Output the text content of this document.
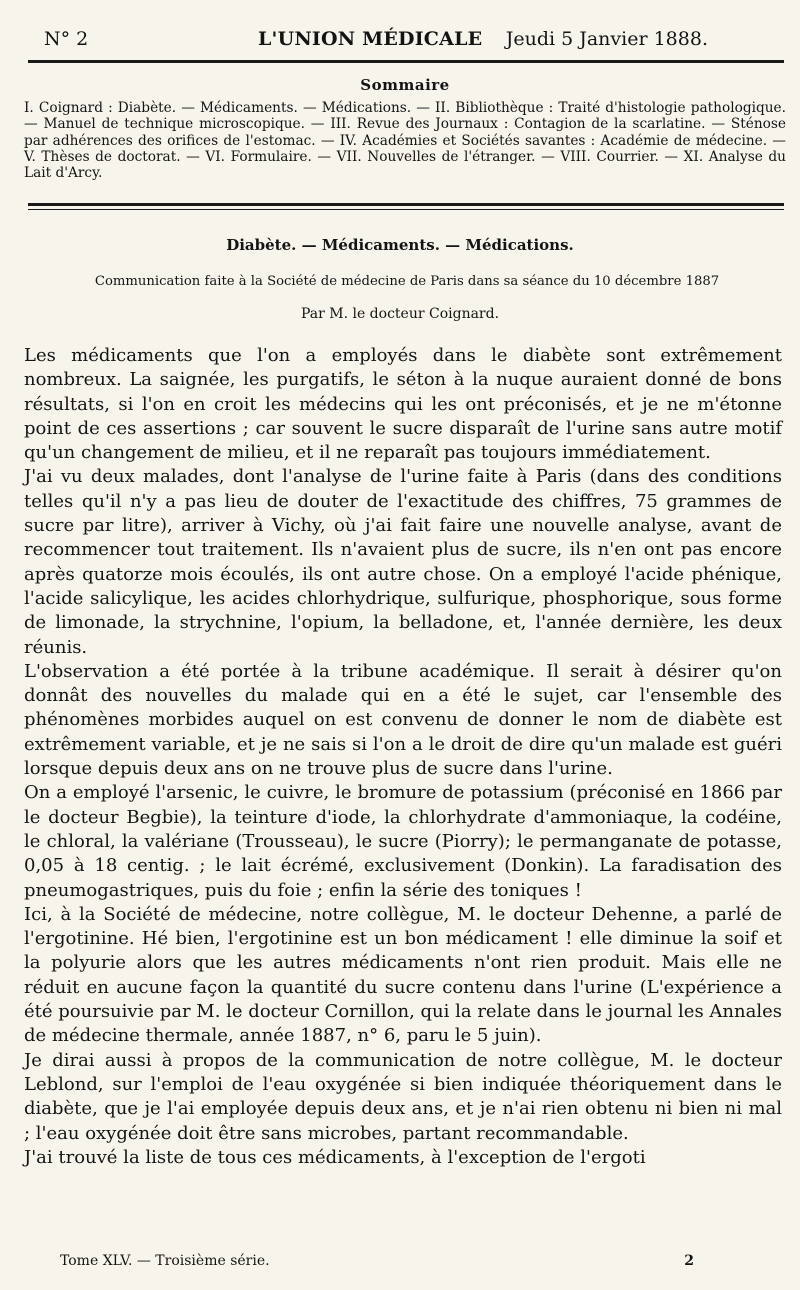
N° 2	L'UNION MÉDICALE Jeudi 5 Janvier 1888.
Sommaire

I. Coignard : Diabète. — Médicaments. — Médications. — II. Bibliothèque : Traité d'histologie pathologique. — Manuel de technique microscopique. — III. Revue des Journaux : Contagion de la scarlatine. — Sténose par adhérences des orifices de l'estomac. — IV. Académies et Sociétés savantes : Académie de médecine. — V. Thèses de doctorat. — VI. Formulaire. — VII. Nouvelles de l'étranger. — VIII. Courrier. — XI. Analyse du Lait d'Arcy.

Diabète. — Médicaments. — Médications.
Communication faite à la Société de médecine de Paris dans sa séance du 10 décembre 1887
Par M. le docteur Coignard.

Les médicaments que l'on a employés dans le diabète sont extrêmement nombreux. La saignée, les purgatifs, le séton à la nuque auraient donné de bons résultats, si l'on en croit les médecins qui les ont préconisés, et je ne m'étonne point de ces assertions ; car souvent le sucre disparaît de l'urine sans autre motif qu'un changement de milieu, et il ne reparaît pas toujours immédiatement.

J'ai vu deux malades, dont l'analyse de l'urine faite à Paris (dans des conditions telles qu'il n'y a pas lieu de douter de l'exactitude des chiffres, 75 grammes de sucre par litre), arriver à Vichy, où j'ai fait faire une nouvelle analyse, avant de recommencer tout traitement. Ils n'avaient plus de sucre, ils n'en ont pas encore après quatorze mois écoulés, ils ont autre chose. On a employé l'acide phénique, l'acide salicylique, les acides chlorhydrique, sulfurique, phosphorique, sous forme de limonade, la strychnine, l'opium, la belladone, et, l'année dernière, les deux réunis.

L'observation a été portée à la tribune académique. Il serait à désirer qu'on donnât des nouvelles du malade qui en a été le sujet, car l'ensemble des phénomènes morbides auquel on est convenu de donner le nom de diabète est extrêmement variable, et je ne sais si l'on a le droit de dire qu'un malade est guéri lorsque depuis deux ans on ne trouve plus de sucre dans l'urine.

On a employé l'arsenic, le cuivre, le bromure de potassium (préconisé en 1866 par le docteur Begbie), la teinture d'iode, la chlorhydrate d'ammoniaque, la codéine, le chloral, la valériane (Trousseau), le sucre (Piorry); le permanganate de potasse, 0,05 à 18 centig. ; le lait écrémé, exclusivement (Donkin). La faradisation des pneumogastriques, puis du foie ; enfin la série des toniques !

Ici, à la Société de médecine, notre collègue, M. le docteur Dehenne, a parlé de l'ergotinine. Hé bien, l'ergotinine est un bon médicament ! elle diminue la soif et la polyurie alors que les autres médicaments n'ont rien produit. Mais elle ne réduit en aucune façon la quantité du sucre contenu dans l'urine (L'expérience a été poursuivie par M. le docteur Cornillon, qui la relate dans le journal les Annales de médecine thermale, année 1887, n° 6, paru le 5 juin).

Je dirai aussi à propos de la communication de notre collègue, M. le docteur Leblond, sur l'emploi de l'eau oxygénée si bien indiquée théoriquement dans le diabète, que je l'ai employée depuis deux ans, et je n'ai rien obtenu ni bien ni mal ; l'eau oxygénée doit être sans microbes, partant recommandable.

J'ai trouvé la liste de tous ces médicaments, à l'exception de l'ergoti

Tome XLV. — Troisième série.	2
